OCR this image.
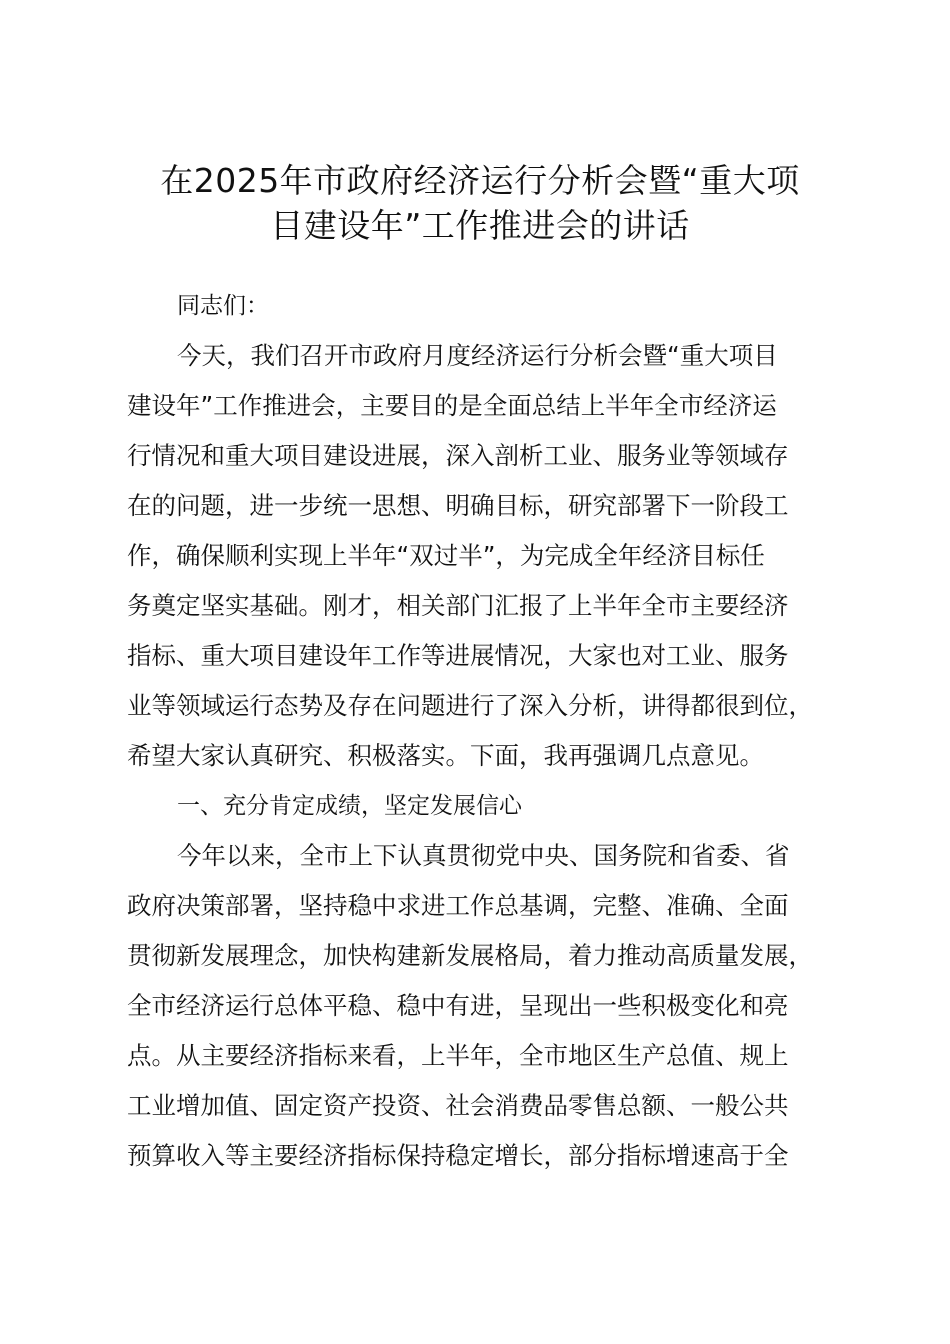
在2025年市政府经济运行分析会暨“重大项
目建设年”工作推进会的讲话

同志们：

今天，我们召开市政府月度经济运行分析会暨“重大项目
建设年”工作推进会，主要目的是全面总结上半年全市经济运
行情况和重大项目建设进展，深入剖析工业、服务业等领域存
在的问题，进一步统一思想、明确目标，研究部署下一阶段工
作，确保顺利实现上半年“双过半”，为完成全年经济目标任
务奠定坚实基础。刚才，相关部门汇报了上半年全市主要经济
指标、重大项目建设年工作等进展情况，大家也对工业、服务
业等领域运行态势及存在问题进行了深入分析，讲得都很到位，
希望大家认真研究、积极落实。下面，我再强调几点意见。

一、充分肯定成绩，坚定发展信心

今年以来，全市上下认真贯彻党中央、国务院和省委、省
政府决策部署，坚持稳中求进工作总基调，完整、准确、全面
贯彻新发展理念，加快构建新发展格局，着力推动高质量发展，
全市经济运行总体平稳、稳中有进，呈现出一些积极变化和亮
点。从主要经济指标来看，上半年，全市地区生产总值、规上
工业增加值、固定资产投资、社会消费品零售总额、一般公共
预算收入等主要经济指标保持稳定增长，部分指标增速高于全
